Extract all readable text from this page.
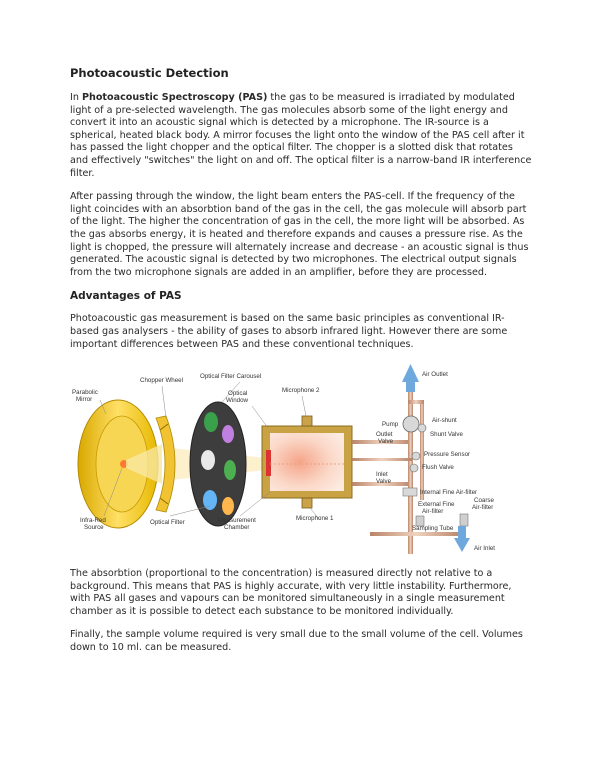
Photoacoustic Detection

In Photoacoustic Spectroscopy (PAS) the gas to be measured is irradiated by modulated light of a pre-selected wavelength. The gas molecules absorb some of the light energy and convert it into an acoustic signal which is detected by a microphone. The IR-source is a spherical, heated black body. A mirror focuses the light onto the window of the PAS cell after it has passed the light chopper and the optical filter. The chopper is a slotted disk that rotates and effectively "switches" the light on and off. The optical filter is a narrow-band IR interference filter.

After passing through the window, the light beam enters the PAS-cell. If the frequency of the light coincides with an absorbtion band of the gas in the cell, the gas molecule will absorb part of the light. The higher the concentration of gas in the cell, the more light will be absorbed. As the gas absorbs energy, it is heated and therefore expands and causes a pressure rise. As the light is chopped, the pressure will alternately increase and decrease - an acoustic signal is thus generated. The acoustic signal is detected by two microphones. The electrical output signals from the two microphone signals are added in an amplifier, before they are processed.

Advantages of PAS

Photoacoustic gas measurement is based on the same basic principles as conventional IR-based gas analysers - the ability of gases to absorb infrared light. However there are some important differences between PAS and these conventional techniques.

Chopper Wheel
Parabolic
Mirror
Optical Filter Carousel
Optical
Window
Microphone 2
Pump
Outlet
Valve
Air Outlet
Air-shunt
Shunt Valve
Pressure Sensor
Flush Valve
Inlet
Valve
Internal Fine Air-filter
External Fine
Air-filter
Coarse
Air-filter
Sampling Tube
Air Inlet
Infra-Red
Source
Optical Filter	Measurement
Chamber
Microphone 1

The absorbtion (proportional to the concentration) is measured directly not relative to a background. This means that PAS is highly accurate, with very little instability. Furthermore, with PAS all gases and vapours can be monitored simultaneously in a single measurement chamber as it is possible to detect each substance to be monitored individually.

Finally, the sample volume required is very small due to the small volume of the cell. Volumes down to 10 ml. can be measured.
